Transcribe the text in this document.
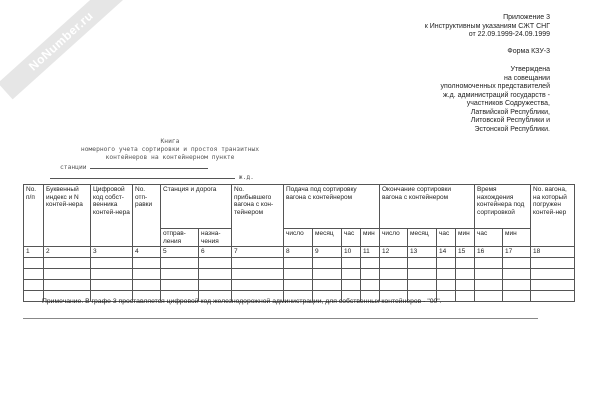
NoNumber.ru	Приложение 3
к Инструктивным указаниям СЖТ СНГ
от 22.09.1999-24.09.1999
Форма КЗУ-3
Утверждена
на совещании
уполномоченных представителей
ж.д. администраций государств -
участников Содружества,
Латвийской Республики,
Литовской Республики и
Эстонской Республики.
Книга
номерного учета сортировки и простоя транзитных
контейнеров на контейнерном пункте
станции
ж.д.
No. п/п	Буквенный индекс и N контей-нера	Цифровой код собст-венника контей-нера	No. отп-равки	Станция и дорога		No. прибывшего вагона с кон-тейнером	Подача под сортировку вагона с контейнером				Окончание сортировки вагона с контейнером				Время нахождения контейнера под сортировкой		No. вагона, на который погружен контей-нер
				отправ-ления	назна-чения		число	месяц	час	мин	число	месяц	час	мин	час	мин	
1	2	3	4	5	6	7	8	9	10	11	12	13	14	15	16	17	18

Примечание. В графе 3 проставляется цифровой код железнодорожной администрации, для собственных контейнеров - "00".
